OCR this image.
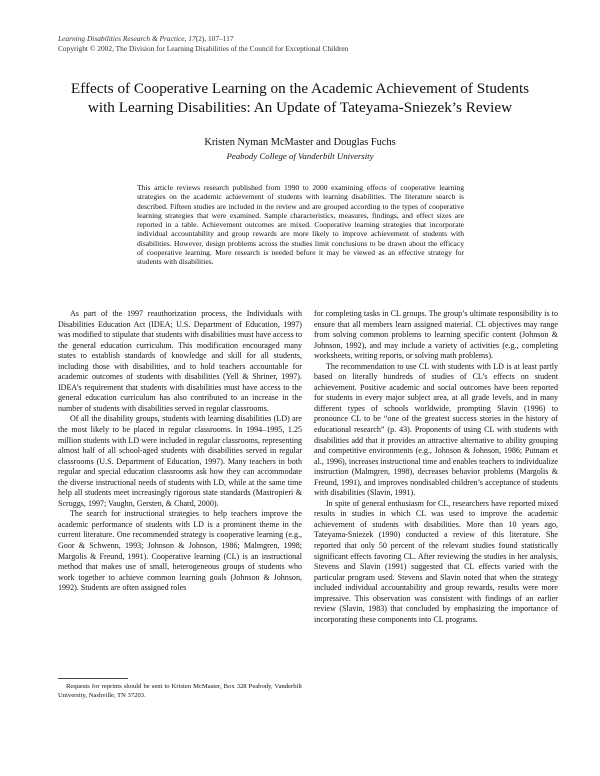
Learning Disabilities Research & Practice, 17(2), 107–117
Copyright © 2002, The Division for Learning Disabilities of the Council for Exceptional Children
Effects of Cooperative Learning on the Academic Achievement of Students
with Learning Disabilities: An Update of Tateyama-Sniezek’s Review
Kristen Nyman McMaster and Douglas Fuchs
Peabody College of Vanderbilt University
This article reviews research published from 1990 to 2000 examining effects of cooperative learning strategies on the academic achievement of students with learning disabilities. The literature search is described. Fifteen studies are included in the review and are grouped according to the types of cooperative learning strategies that were examined. Sample characteristics, measures, findings, and effect sizes are reported in a table. Achievement outcomes are mixed. Cooperative learning strategies that incorporate individual accountability and group rewards are more likely to improve achievement of students with disabilities. However, design problems across the studies limit conclusions to be drawn about the efficacy of cooperative learning. More research is needed before it may be viewed as an effective strategy for students with disabilities.

As part of the 1997 reauthorization process, the Individuals with Disabilities Education Act (IDEA; U.S. Department of Education, 1997) was modified to stipulate that students with disabilities must have access to the general education curriculum. This modification encouraged many states to establish standards of knowledge and skill for all students, including those with disabilities, and to hold teachers accountable for academic outcomes of students with disabilities (Yell & Shriner, 1997). IDEA’s requirement that students with disabilities must have access to the general education curriculum has also contributed to an increase in the number of students with disabilities served in regular classrooms.

Of all the disability groups, students with learning disabilities (LD) are the most likely to be placed in regular classrooms. In 1994–1995, 1.25 million students with LD were included in regular classrooms, representing almost half of all school-aged students with disabilities served in regular classrooms (U.S. Department of Education, 1997). Many teachers in both regular and special education classrooms ask how they can accommodate the diverse instructional needs of students with LD, while at the same time help all students meet increasingly rigorous state standards (Mastropieri & Scruggs, 1997; Vaughn, Gersten, & Chard, 2000).

The search for instructional strategies to help teachers improve the academic performance of students with LD is a prominent theme in the current literature. One recommended strategy is cooperative learning (e.g., Goor & Schwenn, 1993; Johnson & Johnson, 1986; Malmgren, 1998; Margolis & Freund, 1991). Cooperative learning (CL) is an instructional method that makes use of small, heterogeneous groups of students who work together to achieve common learning goals (Johnson & Johnson, 1992). Students are often assigned roles

for completing tasks in CL groups. The group’s ultimate responsibility is to ensure that all members learn assigned material. CL objectives may range from solving common problems to learning specific content (Johnson & Johnson, 1992), and may include a variety of activities (e.g., completing worksheets, writing reports, or solving math problems).

The recommendation to use CL with students with LD is at least partly based on literally hundreds of studies of CL’s effects on student achievement. Positive academic and social outcomes have been reported for students in every major subject area, at all grade levels, and in many different types of schools worldwide, prompting Slavin (1996) to pronounce CL to be “one of the greatest success stories in the history of educational research” (p. 43). Proponents of using CL with students with disabilities add that it provides an attractive alternative to ability grouping and competitive environments (e.g., Johnson & Johnson, 1986; Putnam et al., 1996), increases instructional time and enables teachers to individualize instruction (Malmgren, 1998), decreases behavior problems (Margolis & Freund, 1991), and improves nondisabled children’s acceptance of students with disabilities (Slavin, 1991).

In spite of general enthusiasm for CL, researchers have reported mixed results in studies in which CL was used to improve the academic achievement of students with disabilities. More than 10 years ago, Tateyama-Sniezek (1990) conducted a review of this literature. She reported that only 50 percent of the relevant studies found statistically significant effects favoring CL. After reviewing the studies in her analysis, Stevens and Slavin (1991) suggested that CL effects varied with the particular program used. Stevens and Slavin noted that when the strategy included individual accountability and group rewards, results were more impressive. This observation was consistent with findings of an earlier review (Slavin, 1983) that concluded by emphasizing the importance of incorporating these components into CL programs.

Requests for reprints should be sent to Kristen McMaster, Box 328 Peabody, Vanderbilt University, Nashville, TN 37203.
